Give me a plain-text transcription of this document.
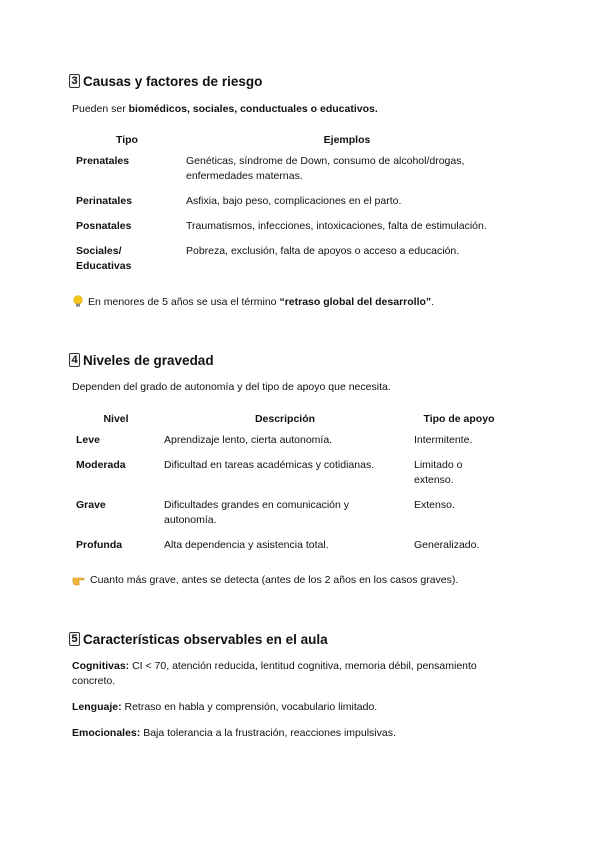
3 Causas y factores de riesgo
Pueden ser biomédicos, sociales, conductuales o educativos.
Tipo	Ejemplos
Prenatales	Genéticas, síndrome de Down, consumo de alcohol/drogas, enfermedades maternas.
Perinatales	Asfixia, bajo peso, complicaciones en el parto.
Posnatales	Traumatismos, infecciones, intoxicaciones, falta de estimulación.
Sociales/ Educativas	Pobreza, exclusión, falta de apoyos o acceso a educación.
En menores de 5 años se usa el término
“retraso global del desarrollo” .
4 Niveles de gravedad
Dependen del grado de autonomía y del tipo de apoyo que necesita.
Nivel	Descripción	Tipo de apoyo
Leve	Aprendizaje lento, cierta autonomía.	Intermitente.
Moderada	Dificultad en tareas académicas y cotidianas.	Limitado o extenso.
Grave	Dificultades grandes en comunicación y autonomía.	Extenso.
Profunda	Alta dependencia y asistencia total.	Generalizado.
Cuanto más grave, antes se detecta (antes de los 2 años en los casos graves).
5 Características observables en el aula
Cognitivas: CI < 70, atención reducida, lentitud cognitiva, memoria débil, pensamiento concreto.
Lenguaje: Retraso en habla y comprensión, vocabulario limitado.
Emocionales: Baja tolerancia a la frustración, reacciones impulsivas.
